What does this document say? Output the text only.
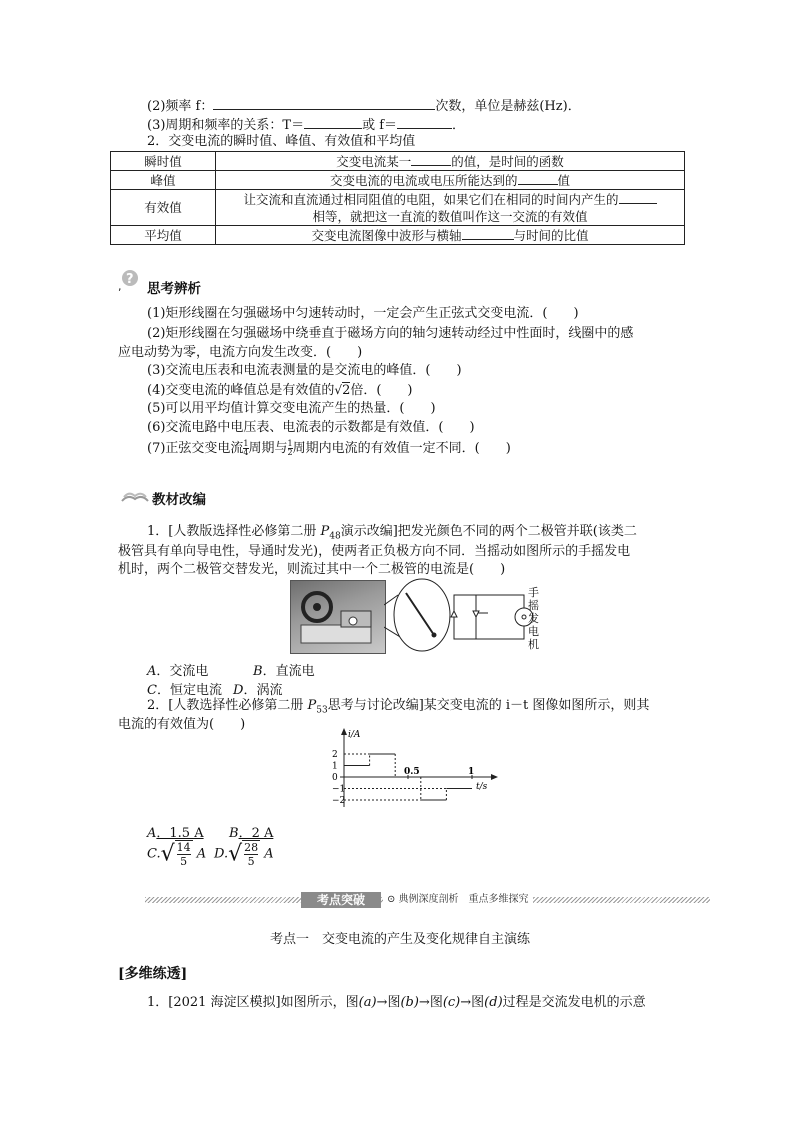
(2)频率 f：	次数，单位是赫兹(Hz)．
(3)周期和频率的关系：T＝	或 f＝	．
2．交变电流的瞬时值、峰值、有效值和平均值
瞬时值	交变电流某一 的值，是时间的函数
峰值	交变电流的电流或电压所能达到的 值
有效值	让交流和直流通过相同阻值的电阻，如果它们在相同的时间内产生的
相等，就把这一直流的数值叫作这一交流的有效值
平均值	交变电流图像中波形与横轴 与时间的比值
?
, 思考辨析
(1)矩形线圈在匀强磁场中匀速转动时，一定会产生正弦式交变电流．(　　)
(2)矩形线圈在匀强磁场中绕垂直于磁场方向的轴匀速转动经过中性面时，线圈中的感
应电动势为零，电流方向发生改变．(　　)
(3)交流电压表和电流表测量的是交流电的峰值．(　　)
(4)交变电流的峰值总是有效值的√2倍．(　　)
(5)可以用平均值计算交变电流产生的热量．(　　)
(6)交流电路中电压表、电流表的示数都是有效值．(　　)
(7)正弦交变电流 $\frac{1}{4}$ 周期与 $\frac{1}{2}$ 周期内电流的有效值一定不同．(　　)
教材改编
1．[人教版选择性必修第二册 $P_{48}$演示改编]把发光颜色不同的两个二极管并联(该类二
极管具有单向导电性，导通时发光)，使两者正负极方向不同．当摇动如图所示的手摇发电
机时，两个二极管交替发光，则流过其中一个二极管的电流是(　　)
手
摇
发
电
机
A．交流电	B．直流电
C．恒定电流 D．涡流
2．[人教选择性必修第二册 $P_{53}$思考与讨论改编]某交变电流的 i－t 图像如图所示，则其
电流的有效值为(　　)
i/A
t/s
2
1
0
−1
−2
0.5	1
A．1.5 A B．2 A
$C.√ \frac{14}{5}$ A $D.√ \frac{28}{5}$ A
考点突破	⊙ 典例深度剖析　重点多维探究
考点一　交变电流的产生及变化规律自主演练
[多维练透]
1．[2021 海淀区模拟]如图所示，图(a)→图(b)→图(c)→图(d)过程是交流发电机的示意
